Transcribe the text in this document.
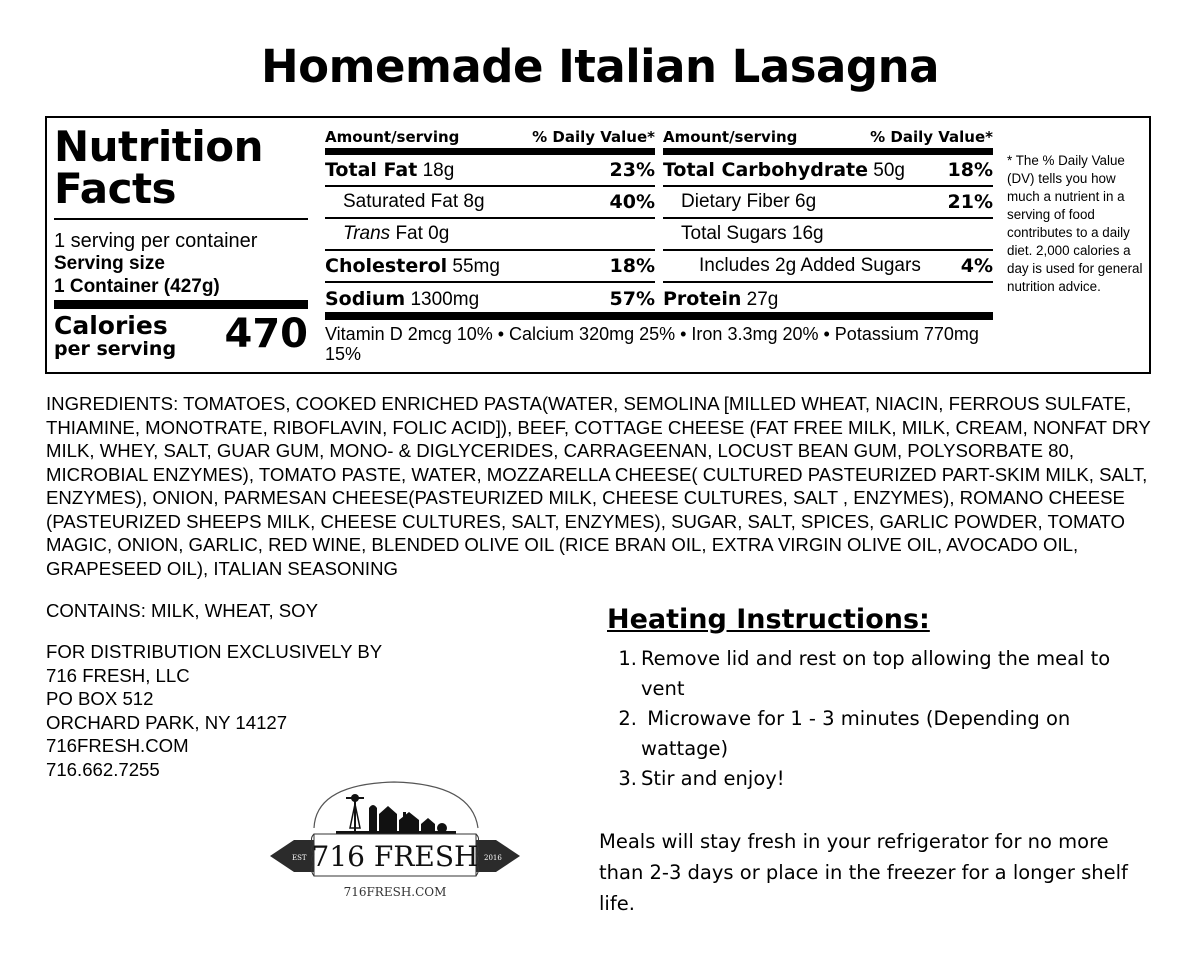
Homemade Italian Lasagna
Nutrition
Facts
1 serving per container
Serving size
1 Container (427g)
Calories
per serving 470
Amount/serving	% Daily Value*
Total Fat 18g	23%
Saturated Fat 8g	40%
Trans Fat 0g
Cholesterol 55mg	18%
Sodium 1300mg	57%
Amount/serving	% Daily Value*
Total Carbohydrate 50g 18%
Dietary Fiber 6g	21%
Total Sugars 16g
Includes 2g Added Sugars 4%
Protein 27g
Vitamin D 2mcg 10% • Calcium 320mg 25% • Iron 3.3mg 20% • Potassium 770mg 15%
* The % Daily Value (DV) tells you how much a nutrient in a serving of food contributes to a daily diet. 2,000 calories a day is used for general nutrition advice.
INGREDIENTS: TOMATOES, COOKED ENRICHED PASTA(WATER, SEMOLINA [MILLED WHEAT, NIACIN, FERROUS SULFATE, THIAMINE, MONOTRATE, RIBOFLAVIN, FOLIC ACID]), BEEF, COTTAGE CHEESE (FAT FREE MILK, MILK, CREAM, NONFAT DRY MILK, WHEY, SALT, GUAR GUM, MONO- & DIGLYCERIDES, CARRAGEENAN, LOCUST BEAN GUM, POLYSORBATE 80, MICROBIAL ENZYMES), TOMATO PASTE, WATER, MOZZARELLA CHEESE( CULTURED PASTEURIZED PART-SKIM MILK, SALT, ENZYMES), ONION, PARMESAN CHEESE(PASTEURIZED MILK, CHEESE CULTURES, SALT , ENZYMES), ROMANO CHEESE (PASTEURIZED SHEEPS MILK, CHEESE CULTURES, SALT, ENZYMES), SUGAR, SALT, SPICES, GARLIC POWDER, TOMATO MAGIC, ONION, GARLIC, RED WINE, BLENDED OLIVE OIL (RICE BRAN OIL, EXTRA VIRGIN OLIVE OIL, AVOCADO OIL, GRAPESEED OIL), ITALIAN SEASONING
CONTAINS: MILK, WHEAT, SOY
FOR DISTRIBUTION EXCLUSIVELY BY
716 FRESH, LLC
PO BOX 512
ORCHARD PARK, NY 14127
716FRESH.COM
716.662.7255
EST	2016
716 FRESH
716FRESH.COM
Heating Instructions:
1. Remove lid and rest on top allowing the meal to vent
2. Microwave for 1 - 3 minutes (Depending on wattage)
3. Stir and enjoy!
Meals will stay fresh in your refrigerator for no more than 2-3 days or place in the freezer for a longer shelf life.
